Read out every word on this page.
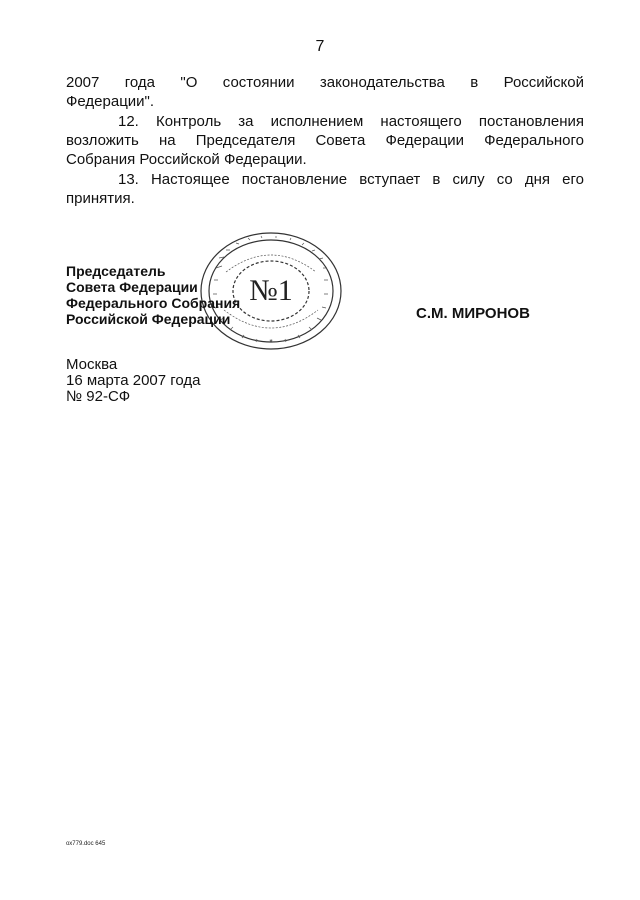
7
2007 года "О состоянии законодательства в Российской
Федерации".
12. Контроль за исполнением настоящего постановления
возложить на Председателя Совета Федерации Федерального
Собрания Российской Федерации.
13. Настоящее постановление вступает в силу со дня его
принятия.
№1
*
Председатель
Совета Федерации
Федерального Собрания
Российской Федерации	С.М. МИРОНОВ
Москва
16 марта 2007 года
№ 92-СФ
ох779.doc 645
